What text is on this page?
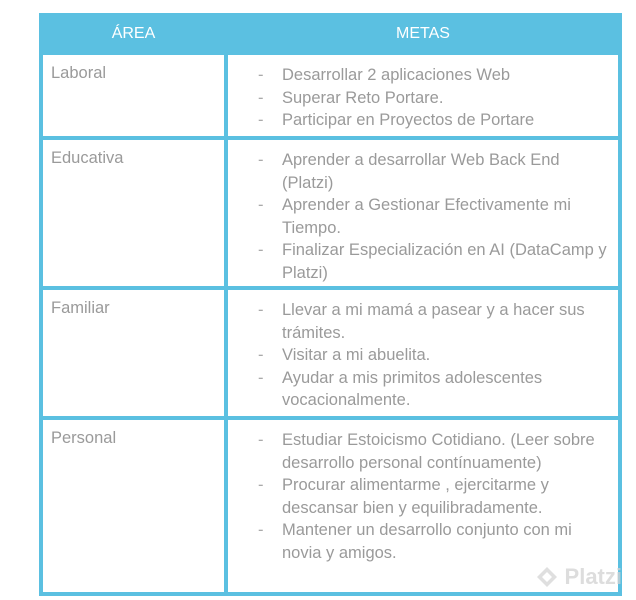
ÁREA	METAS
Laboral	- Desarrollar 2 aplicaciones Web
- Superar Reto Portare.
- Participar en Proyectos de Portare
Educativa	- Aprender a desarrollar Web Back End (Platzi)
- Aprender a Gestionar Efectivamente mi Tiempo.
- Finalizar Especialización en AI (DataCamp y Platzi)
Familiar	- Llevar a mi mamá a pasear y a hacer sus trámites.
- Visitar a mi abuelita.
- Ayudar a mis primitos adolescentes vocacionalmente.
Personal	- Estudiar Estoicismo Cotidiano. (Leer sobre desarrollo personal contínuamente)
- Procurar alimentarme , ejercitarme y descansar bien y equilibradamente.
- Mantener un desarrollo conjunto con mi novia y amigos.
Platzi
